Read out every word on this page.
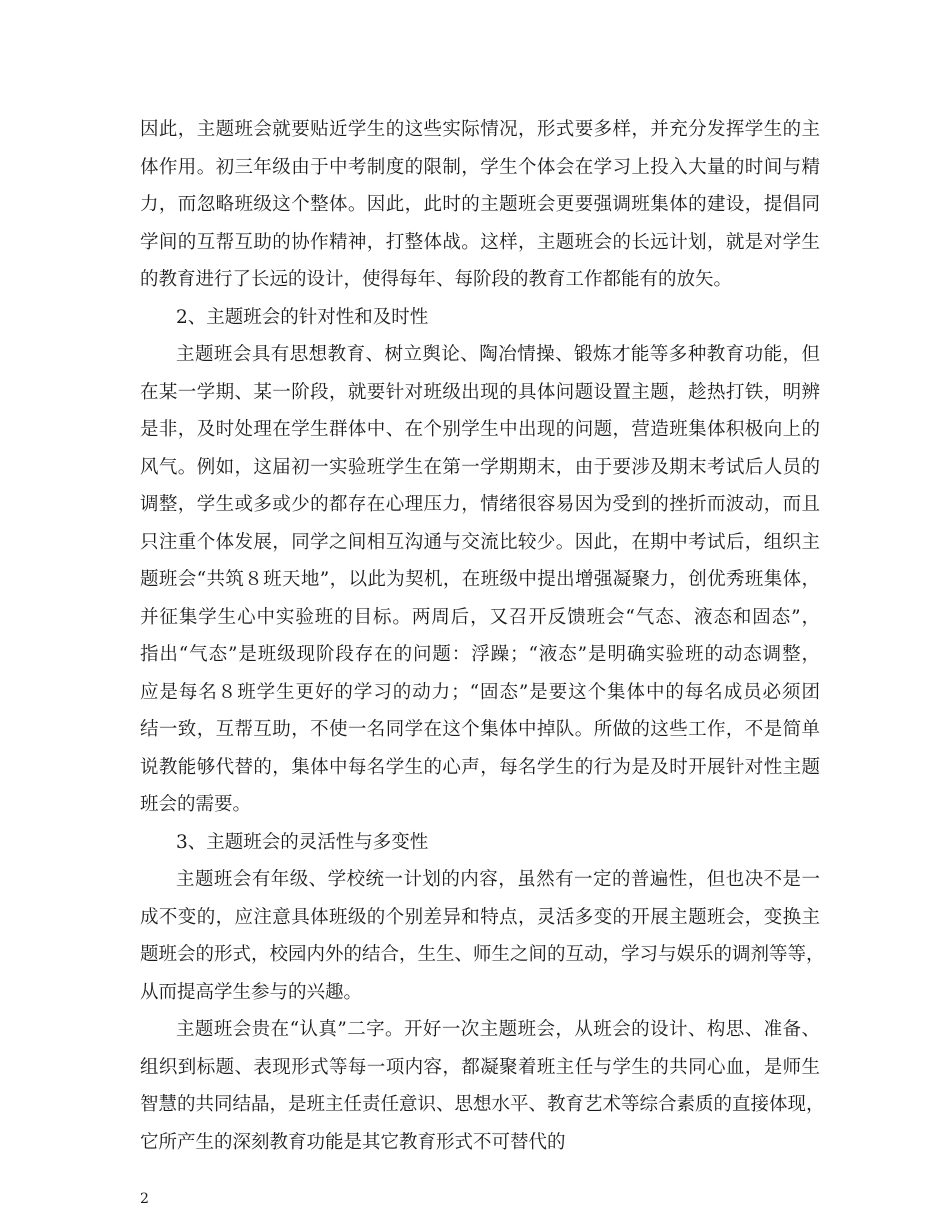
因此，主题班会就要贴近学生的这些实际情况，形式要多样，并充分发挥学生的主
体作用。初三年级由于中考制度的限制，学生个体会在学习上投入大量的时间与精
力，而忽略班级这个整体。因此，此时的主题班会更要强调班集体的建设，提倡同
学间的互帮互助的协作精神，打整体战。这样，主题班会的长远计划，就是对学生
的教育进行了长远的设计，使得每年、每阶段的教育工作都能有的放矢。
2、主题班会的针对性和及时性
主题班会具有思想教育、树立舆论、陶冶情操、锻炼才能等多种教育功能，但
在某一学期、某一阶段，就要针对班级出现的具体问题设置主题，趁热打铁，明辨
是非，及时处理在学生群体中、在个别学生中出现的问题，营造班集体积极向上的
风气。例如，这届初一实验班学生在第一学期期末，由于要涉及期末考试后人员的
调整，学生或多或少的都存在心理压力，情绪很容易因为受到的挫折而波动，而且
只注重个体发展，同学之间相互沟通与交流比较少。因此，在期中考试后，组织主
题班会“共筑８班天地”，以此为契机，在班级中提出增强凝聚力，创优秀班集体，
并征集学生心中实验班的目标。两周后，又召开反馈班会“气态、液态和固态”，
指出“气态”是班级现阶段存在的问题：浮躁；“液态”是明确实验班的动态调整，
应是每名８班学生更好的学习的动力；“固态”是要这个集体中的每名成员必须团
结一致，互帮互助，不使一名同学在这个集体中掉队。所做的这些工作，不是简单
说教能够代替的，集体中每名学生的心声，每名学生的行为是及时开展针对性主题
班会的需要。
3、主题班会的灵活性与多变性
主题班会有年级、学校统一计划的内容，虽然有一定的普遍性，但也决不是一
成不变的，应注意具体班级的个别差异和特点，灵活多变的开展主题班会，变换主
题班会的形式，校园内外的结合，生生、师生之间的互动，学习与娱乐的调剂等等，
从而提高学生参与的兴趣。
主题班会贵在“认真”二字。开好一次主题班会，从班会的设计、构思、准备、
组织到标题、表现形式等每一项内容，都凝聚着班主任与学生的共同心血，是师生
智慧的共同结晶，是班主任责任意识、思想水平、教育艺术等综合素质的直接体现，
它所产生的深刻教育功能是其它教育形式不可替代的
2
